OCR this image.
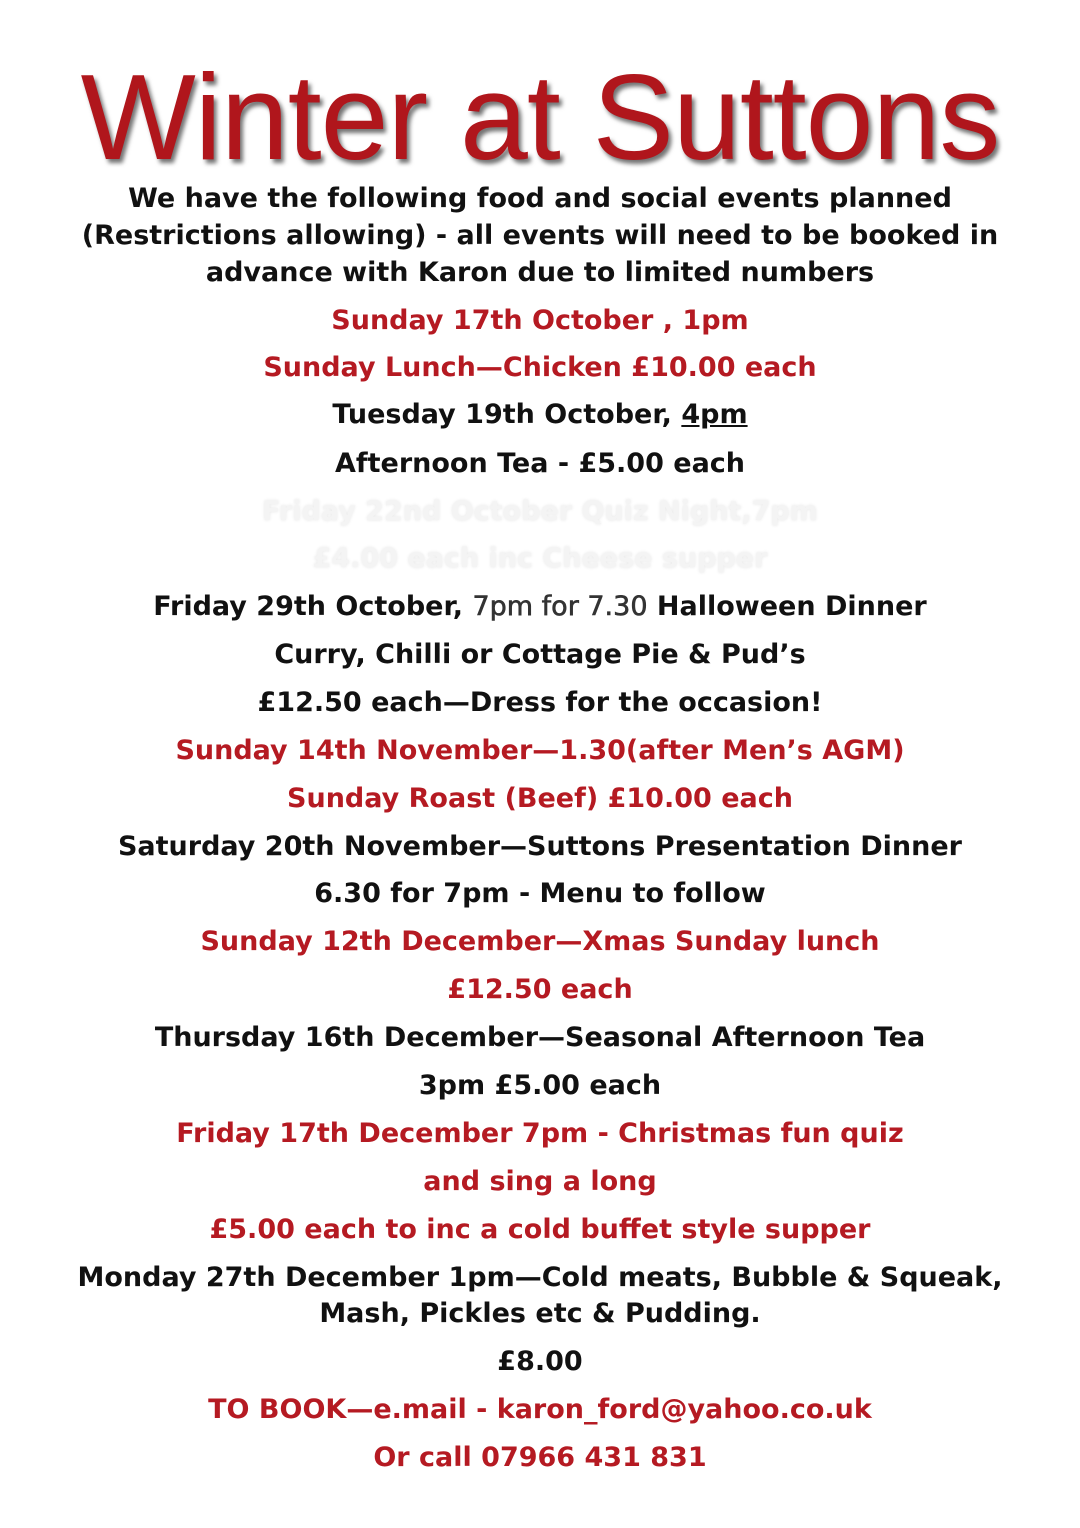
Winter at Suttons
We have the following food and social events planned (Restrictions allowing) - all events will need to be booked in advance with Karon due to limited numbers
Sunday 17th October , 1pm
Sunday Lunch—Chicken £10.00 each
Tuesday 19th October, 4pm
Afternoon Tea - £5.00 each
Friday 22nd October Quiz Night,7pm
£4.00 each inc Cheese supper
Friday 29th October, 7pm for 7.30 Halloween Dinner
Curry, Chilli or Cottage Pie & Pud’s
£12.50 each—Dress for the occasion!
Sunday 14th November—1.30(after Men’s AGM)
Sunday Roast (Beef) £10.00 each
Saturday 20th November—Suttons Presentation Dinner
6.30 for 7pm - Menu to follow
Sunday 12th December—Xmas Sunday lunch
£12.50 each
Thursday 16th December—Seasonal Afternoon Tea
3pm £5.00 each
Friday 17th December 7pm - Christmas fun quiz
and sing a long
£5.00 each to inc a cold buffet style supper
Monday 27th December 1pm—Cold meats, Bubble & Squeak,
Mash, Pickles etc & Pudding.
£8.00
TO BOOK—e.mail - karon_ford@yahoo.co.uk
Or call 07966 431 831
